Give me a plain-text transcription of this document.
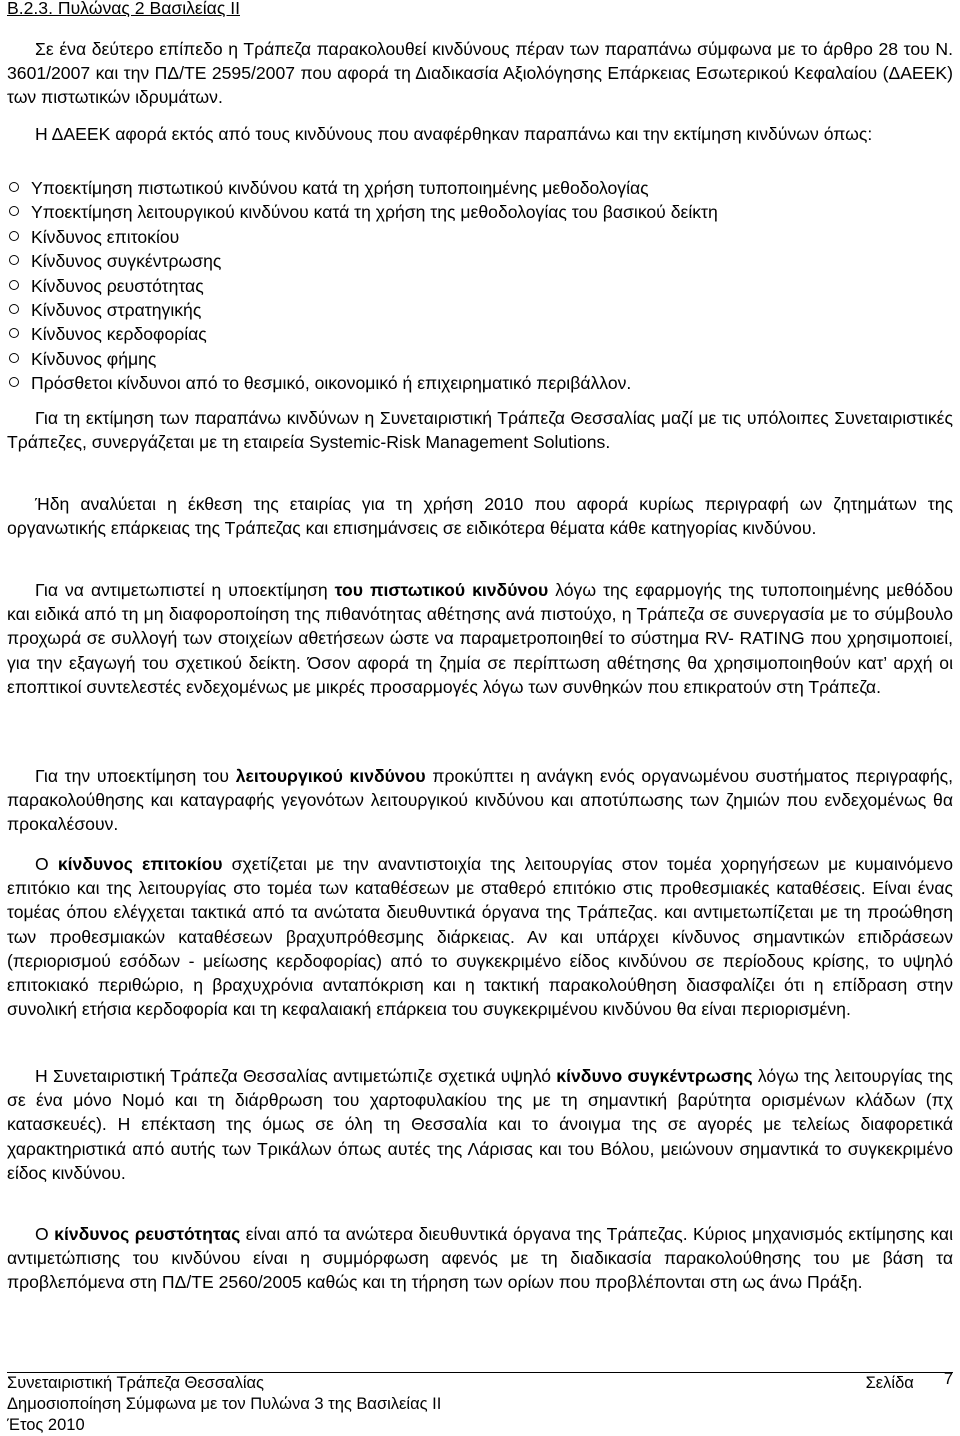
B.2.3. Πυλώνας 2 Βασιλείας ΙΙ
Σε ένα δεύτερο επίπεδο η Τράπεζα παρακολουθεί κινδύνους πέραν των παραπάνω σύμφωνα με το άρθρο 28 του Ν. 3601/2007 και την ΠΔ/ΤΕ 2595/2007 που αφορά τη Διαδικασία Αξιολόγησης Επάρκειας Εσωτερικού Κεφαλαίου (ΔΑΕΕΚ) των πιστωτικών ιδρυμάτων.
Η ΔΑΕΕΚ αφορά εκτός από τους κινδύνους που αναφέρθηκαν παραπάνω και την εκτίμηση κινδύνων όπως:
Υποεκτίμηση πιστωτικού κινδύνου κατά τη χρήση τυποποιημένης μεθοδολογίας
Υποεκτίμηση λειτουργικού κινδύνου κατά τη χρήση της μεθοδολογίας του βασικού δείκτη
Κίνδυνος επιτοκίου
Κίνδυνος συγκέντρωσης
Κίνδυνος ρευστότητας
Κίνδυνος στρατηγικής
Κίνδυνος κερδοφορίας
Κίνδυνος φήμης
Πρόσθετοι κίνδυνοι από το θεσμικό, οικονομικό ή επιχειρηματικό περιβάλλον.
Για τη εκτίμηση των παραπάνω κινδύνων η Συνεταιριστική Τράπεζα Θεσσαλίας μαζί με τις υπόλοιπες Συνεταιριστικές Τράπεζες, συνεργάζεται με τη εταιρεία Systemic-Risk Management Solutions.
Ήδη αναλύεται η έκθεση της εταιρίας για τη χρήση 2010 που αφορά κυρίως περιγραφή ων ζητημάτων της οργανωτικής επάρκειας της Τράπεζας και επισημάνσεις σε ειδικότερα θέματα κάθε κατηγορίας κινδύνου.
Για να αντιμετωπιστεί η υποεκτίμηση του πιστωτικού κινδύνου λόγω της εφαρμογής της τυποποιημένης μεθόδου και ειδικά από τη μη διαφοροποίηση της πιθανότητας αθέτησης ανά πιστούχο, η Τράπεζα σε συνεργασία με το σύμβουλο προχωρά σε συλλογή των στοιχείων αθετήσεων ώστε να παραμετροποιηθεί το σύστημα RV- RATING που χρησιμοποιεί, για την εξαγωγή του σχετικού δείκτη. Όσον αφορά τη ζημία σε περίπτωση αθέτησης θα χρησιμοποιηθούν κατ’ αρχή οι εποπτικοί συντελεστές ενδεχομένως με μικρές προσαρμογές λόγω των συνθηκών που επικρατούν στη Τράπεζα.
Για την υποεκτίμηση του λειτουργικού κινδύνου προκύπτει η ανάγκη ενός οργανωμένου συστήματος περιγραφής, παρακολούθησης και καταγραφής γεγονότων λειτουργικού κινδύνου και αποτύπωσης των ζημιών που ενδεχομένως θα προκαλέσουν.
Ο κίνδυνος επιτοκίου σχετίζεται με την αναντιστοιχία της λειτουργίας στον τομέα χορηγήσεων με κυμαινόμενο επιτόκιο και της λειτουργίας στο τομέα των καταθέσεων με σταθερό επιτόκιο στις προθεσμιακές καταθέσεις. Είναι ένας τομέας όπου ελέγχεται τακτικά από τα ανώτατα διευθυντικά όργανα της Τράπεζας. και αντιμετωπίζεται με τη προώθηση των προθεσμιακών καταθέσεων βραχυπρόθεσμης διάρκειας. Αν και υπάρχει κίνδυνος σημαντικών επιδράσεων (περιορισμού εσόδων - μείωσης κερδοφορίας) από το συγκεκριμένο είδος κινδύνου σε περίοδους κρίσης, το υψηλό επιτοκιακό περιθώριο, η βραχυχρόνια ανταπόκριση και η τακτική παρακολούθηση διασφαλίζει ότι η επίδραση στην συνολική ετήσια κερδοφορία και τη κεφαλαιακή επάρκεια του συγκεκριμένου κινδύνου θα είναι περιορισμένη.
Η Συνεταιριστική Τράπεζα Θεσσαλίας αντιμετώπιζε σχετικά υψηλό κίνδυνο συγκέντρωσης λόγω της λειτουργίας της σε ένα μόνο Νομό και τη διάρθρωση του χαρτοφυλακίου της με τη σημαντική βαρύτητα ορισμένων κλάδων (πχ κατασκευές). Η επέκταση της όμως σε όλη τη Θεσσαλία και το άνοιγμα της σε αγορές με τελείως διαφορετικά χαρακτηριστικά από αυτής των Τρικάλων όπως αυτές της Λάρισας και του Βόλου, μειώνουν σημαντικά το συγκεκριμένο είδος κινδύνου.
Ο κίνδυνος ρευστότητας είναι από τα ανώτερα διευθυντικά όργανα της Τράπεζας. Κύριος μηχανισμός εκτίμησης και αντιμετώπισης του κινδύνου είναι η συμμόρφωση αφενός με τη διαδικασία παρακολούθησης του με βάση τα προβλεπόμενα στη ΠΔ/ΤΕ 2560/2005 καθώς και τη τήρηση των ορίων που προβλέπονται στη ως άνω Πράξη.
Συνεταιριστική Τράπεζα Θεσσαλίας	Σελίδα 7
Δημοσιοποίηση Σύμφωνα με τον Πυλώνα 3 της Βασιλείας ΙΙ
Έτος 2010
